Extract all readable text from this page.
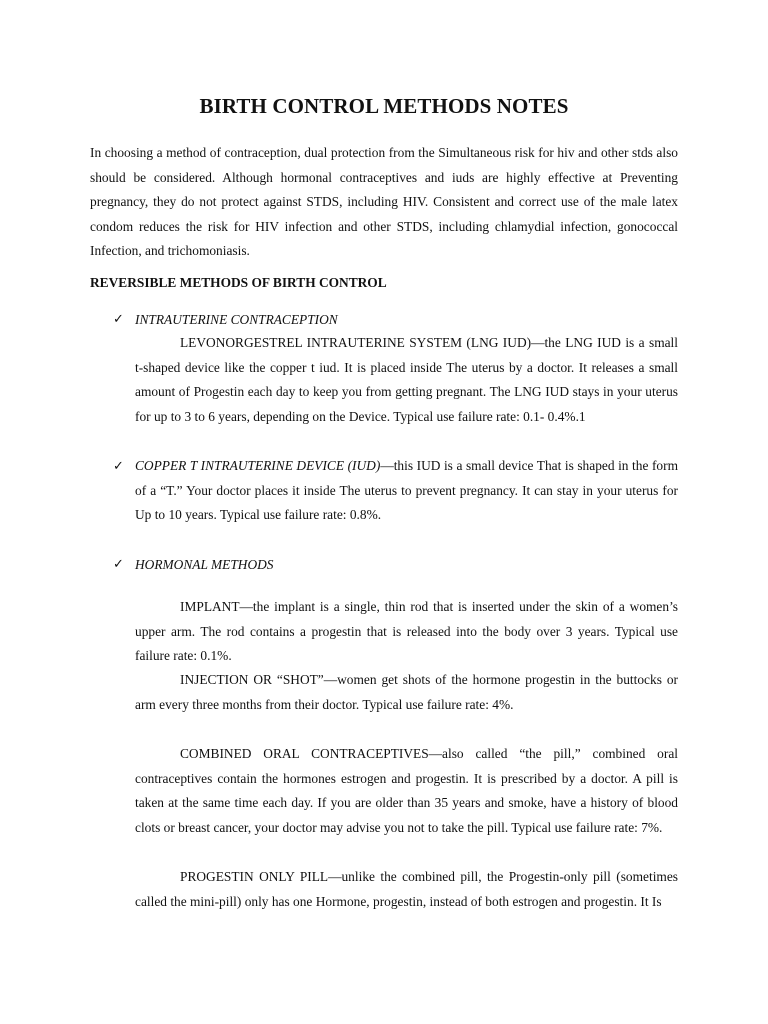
BIRTH CONTROL METHODS NOTES

In choosing a method of contraception, dual protection from the Simultaneous risk for hiv and other stds also should be considered. Although hormonal contraceptives and iuds are highly effective at Preventing pregnancy, they do not protect against STDS, including HIV. Consistent and correct use of the male latex condom reduces the risk for HIV infection and other STDS, including chlamydial infection, gonococcal Infection, and trichomoniasis.

REVERSIBLE METHODS OF BIRTH CONTROL
✓ INTRAUTERINE CONTRACEPTION

LEVONORGESTREL INTRAUTERINE SYSTEM (LNG IUD)—the LNG IUD is a small t-shaped device like the copper t iud. It is placed inside The uterus by a doctor. It releases a small amount of Progestin each day to keep you from getting pregnant. The LNG IUD stays in your uterus for up to 3 to 6 years, depending on the Device. Typical use failure rate: 0.1- 0.4%.1

✓ COPPER T INTRAUTERINE DEVICE (IUD)—this IUD is a small device That is shaped in the form of a “T.” Your doctor places it inside The uterus to prevent pregnancy. It can stay in your uterus for Up to 10 years. Typical use failure rate: 0.8%.

✓ HORMONAL METHODS

IMPLANT—the implant is a single, thin rod that is inserted under the skin of a women’s upper arm. The rod contains a progestin that is released into the body over 3 years. Typical use failure rate: 0.1%.

INJECTION OR “SHOT”—women get shots of the hormone progestin in the buttocks or arm every three months from their doctor. Typical use failure rate: 4%.

COMBINED ORAL CONTRACEPTIVES—also called “the pill,” combined oral contraceptives contain the hormones estrogen and progestin. It is prescribed by a doctor. A pill is taken at the same time each day. If you are older than 35 years and smoke, have a history of blood clots or breast cancer, your doctor may advise you not to take the pill. Typical use failure rate: 7%.

PROGESTIN ONLY PILL—unlike the combined pill, the Progestin-only pill (sometimes called the mini-pill) only has one Hormone, progestin, instead of both estrogen and progestin. It Is
